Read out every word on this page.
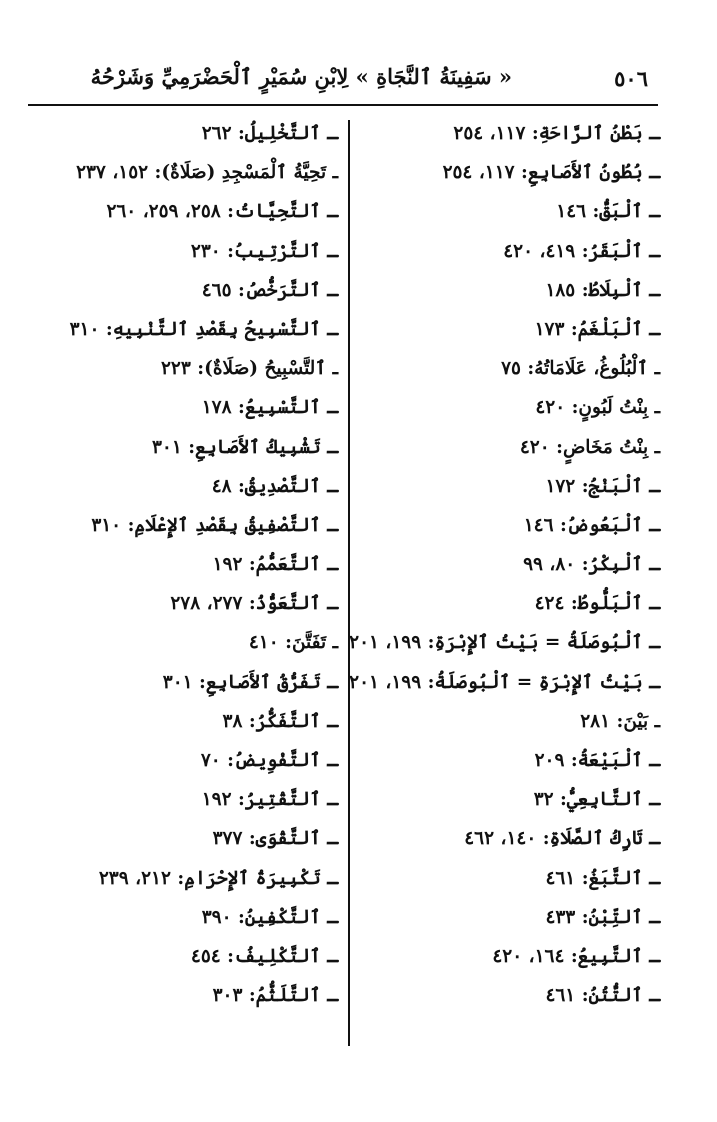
٥٠٦
« سَفِينَةُ ٱلنَّجَاةِ » لِابْنِ سُمَيْرٍ ٱلْحَضْرَمِيِّ وَشَرْحُهُ
ـ بَطْنُ ٱلرَّاحَةِ: ١١٧، ٢٥٤
ـ بُطُونُ ٱلأَصَابِعِ: ١١٧، ٢٥٤
ـ ٱلْبَقُّ: ١٤٦
ـ ٱلْبَقَرُ: ٤١٩، ٤٢٠
ـ ٱلْبِلَاطُ: ١٨٥
ـ ٱلْبَلْغَمُ: ١٧٣
ـ ٱلْبُلُوغُ، عَلَامَاتُهُ: ٧٥
ـ بِنْتُ لَبُونٍ: ٤٢٠
ـ بِنْتُ مَخَاضٍ: ٤٢٠
ـ ٱلْبَنْجُ: ١٧٢
ـ ٱلْبَعُوضُ: ١٤٦
ـ ٱلْبِكْرُ: ٨٠، ٩٩
ـ ٱلْبَلُّوطُ: ٤٢٤
ـ ٱلْبُوصَلَةُ = بَيْتُ ٱلإِبْرَةِ: ١٩٩، ٢٠١
ـ بَيْتُ ٱلإِبْرَةِ = ٱلْبُوصَلَةُ: ١٩٩، ٢٠١
ـ بَيْنَ: ٢٨١
ـ ٱلْبَيْعَةُ: ٢٠٩
ـ ٱلتَّابِعِيُّ: ٣٢
ـ تَارِكُ ٱلصَّلَاةِ: ١٤٠، ٤٦٢
ـ ٱلتَّبَغُ: ٤٦١
ـ ٱلتِّبْنُ: ٤٣٣
ـ ٱلتَّبِيعُ: ١٦٤، ٤٢٠
ـ ٱلتُّتُنُ: ٤٦١
ـ ٱلتَّخْلِيلُ: ٢٦٢
ـ تَحِيَّةُ ٱلْمَسْجِدِ (صَلَاةٌ): ١٥٢، ٢٣٧
ـ ٱلتَّحِيَّاتُ: ٢٥٨، ٢٥٩، ٢٦٠
ـ ٱلتَّرْتِيبُ: ٢٣٠
ـ ٱلتَّرَخُّصُ: ٤٦٥
ـ ٱلتَّسْبِيحُ بِقَصْدِ ٱلتَّنْبِيهِ: ٣١٠
ـ ٱلتَّسْبِيحُ (صَلَاةٌ): ٢٢٣
ـ ٱلتَّسْبِيعُ: ١٧٨
ـ تَشْبِيكُ ٱلأَصَابِعِ: ٣٠١
ـ ٱلتَّصْدِيقُ: ٤٨
ـ ٱلتَّصْفِيقُ بِقَصْدِ ٱلإِعْلَامِ: ٣١٠
ـ ٱلتَّعَمُّمُ: ١٩٢
ـ ٱلتَّعَوُّذُ: ٢٧٧، ٢٧٨
ـ تَفَتَّنَ: ٤١٠
ـ تَفَرُّقُ ٱلأَصَابِعِ: ٣٠١
ـ ٱلتَّفَكُّرُ: ٣٨
ـ ٱلتَّفْوِيضُ: ٧٠
ـ ٱلتَّقْتِيرُ: ١٩٢
ـ ٱلتَّقْوَى: ٣٧٧
ـ تَكْبِيرَةُ ٱلإِحْرَامِ: ٢١٢، ٢٣٩
ـ ٱلتَّكْفِينُ: ٣٩٠
ـ ٱلتَّكْلِيفُ: ٤٥٤
ـ ٱلتَّلَثُّمُ: ٣٠٣
